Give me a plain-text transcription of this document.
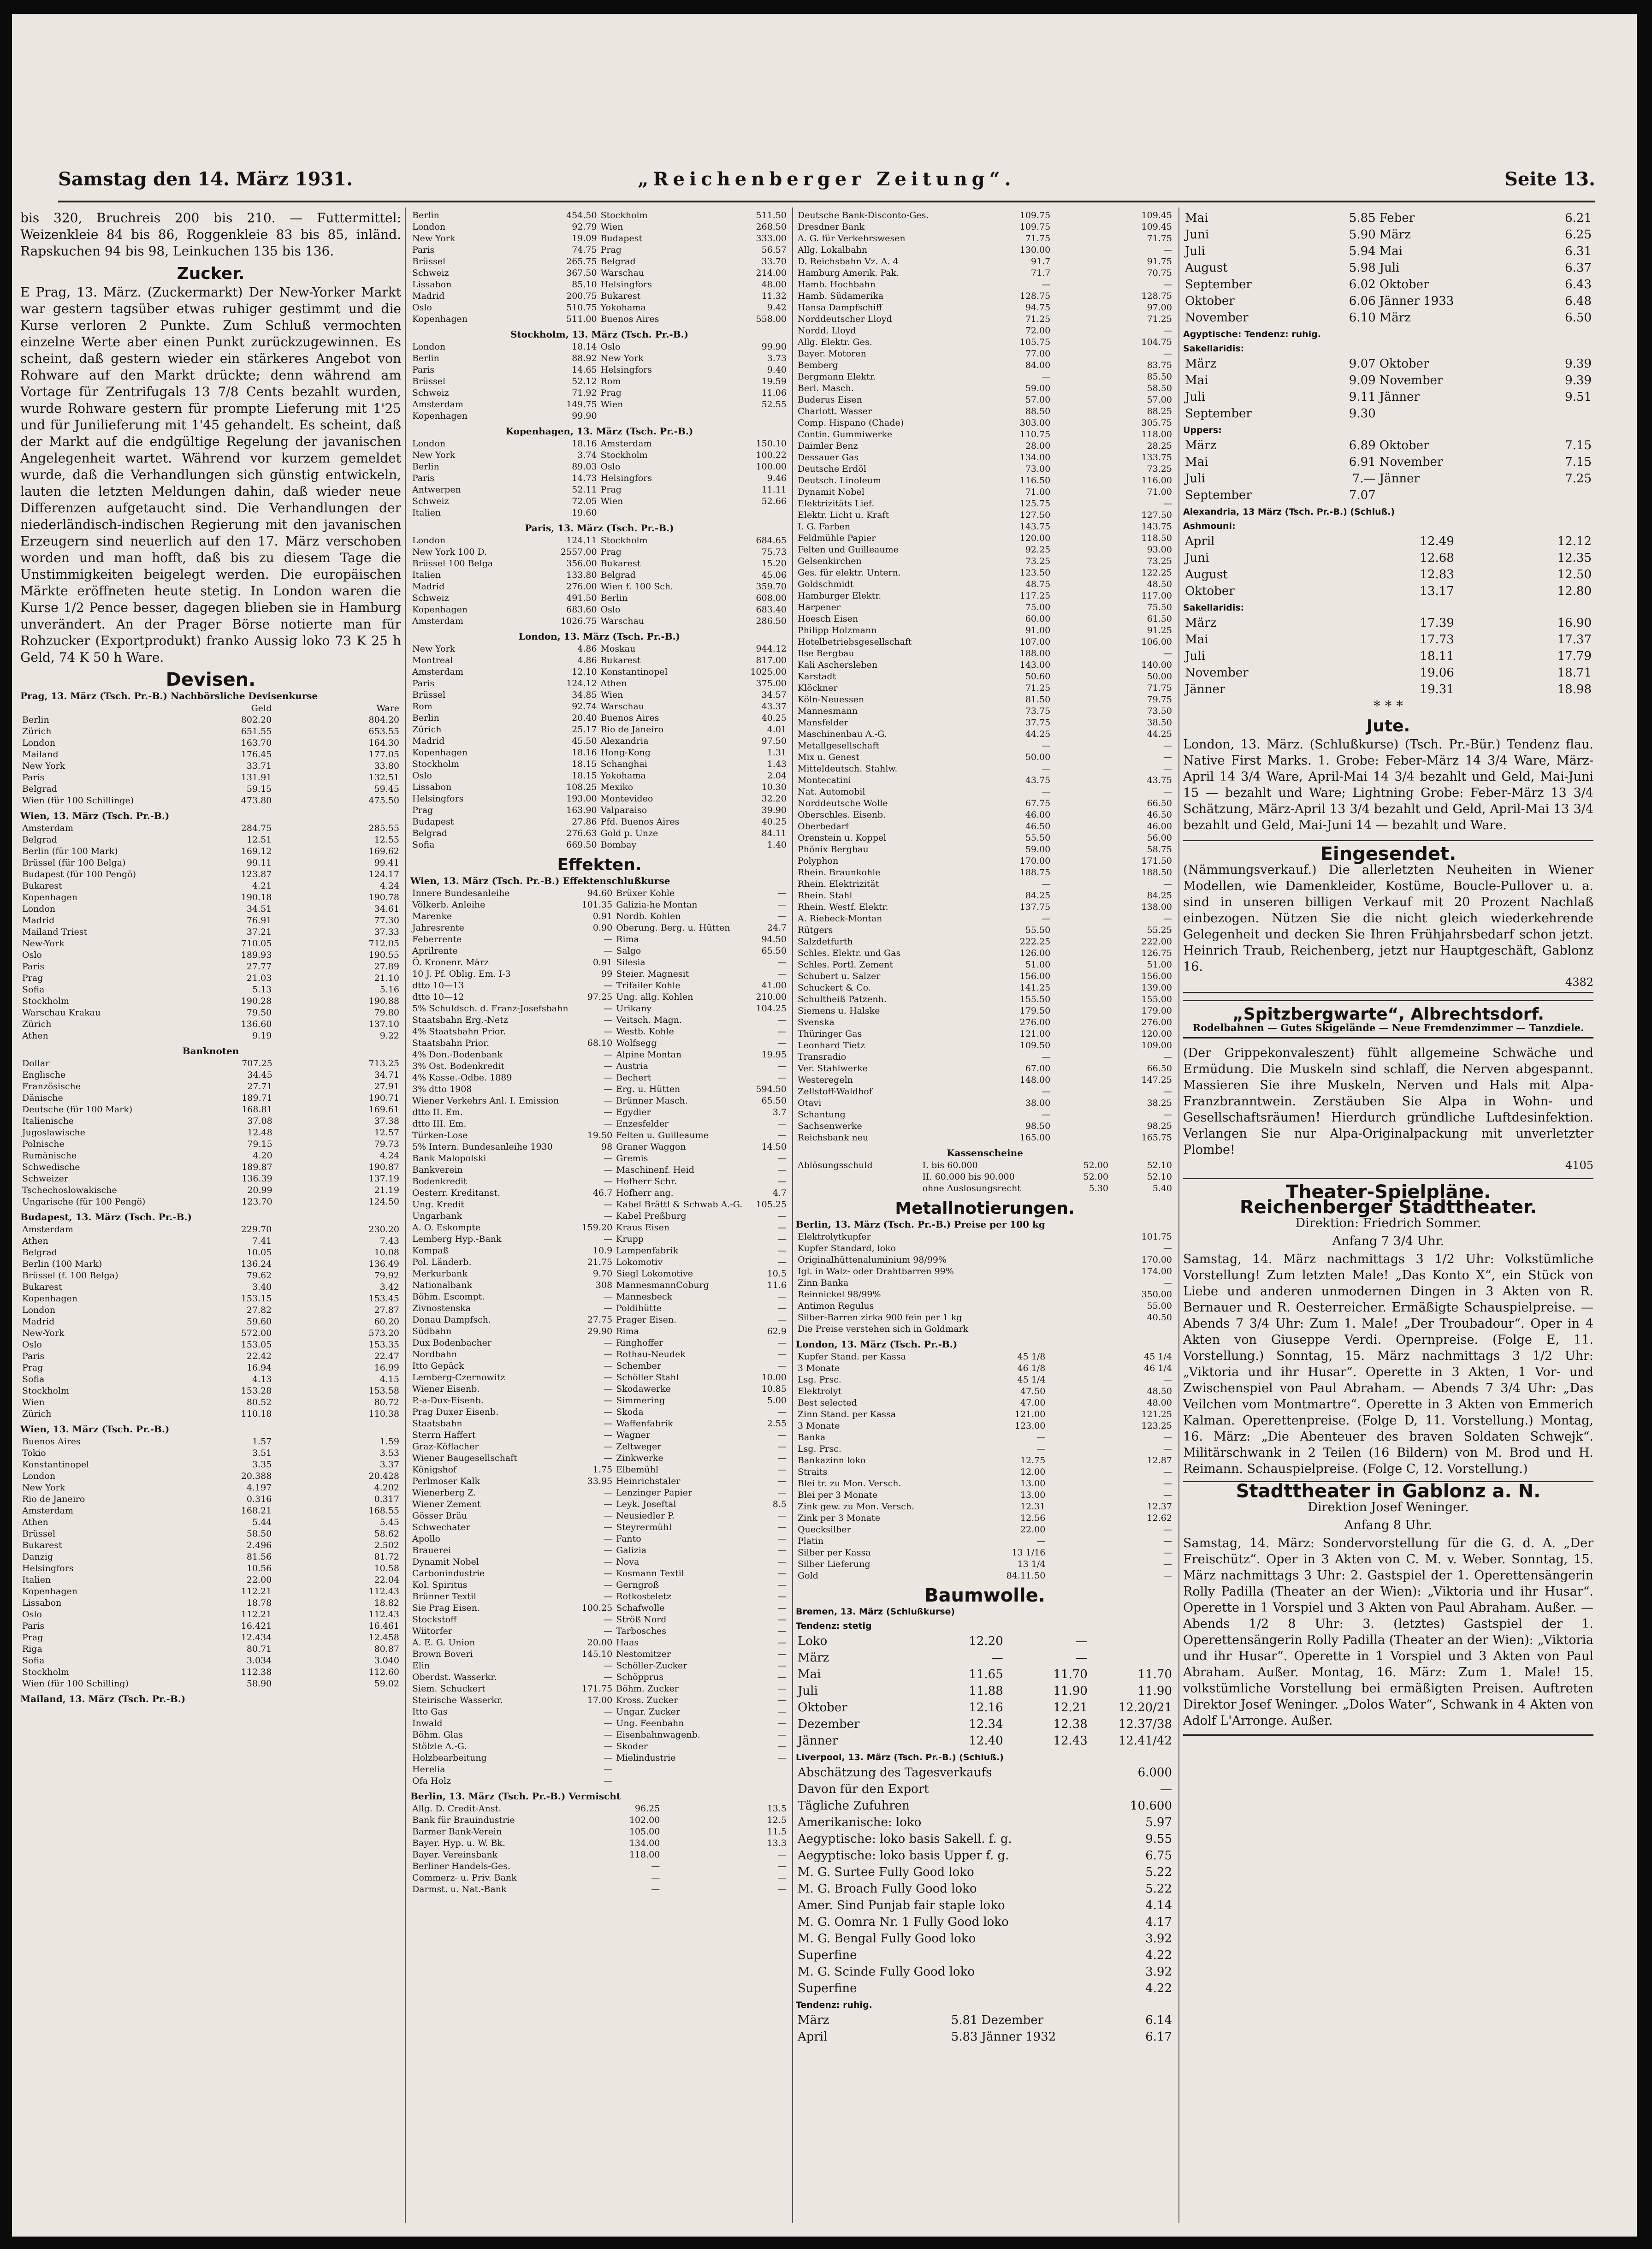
Samstag den 14. März 1931.	„Reichenberger Zeitung“.	Seite 13.

bis 320, Bruchreis 200 bis 210. — Futtermittel: Weizenkleie 84 bis 86, Roggenkleie 83 bis 85, inländ. Rapskuchen 94 bis 98, Leinkuchen 135 bis 136.

Zucker.

E Prag, 13. März. (Zuckermarkt) Der New-Yorker Markt war gestern tagsüber etwas ruhiger gestimmt und die Kurse verloren 2 Punkte. Zum Schluß vermochten einzelne Werte aber einen Punkt zurückzugewinnen. Es scheint, daß gestern wieder ein stärkeres Angebot von Rohware auf den Markt drückte; denn während am Vortage für Zentrifugals 13 7/8 Cents bezahlt wurden, wurde Rohware gestern für prompte Lieferung mit 1'25 und für Junilieferung mit 1'45 gehandelt. Es scheint, daß der Markt auf die endgültige Regelung der javanischen Angelegenheit wartet. Während vor kurzem gemeldet wurde, daß die Verhandlungen sich günstig entwickeln, lauten die letzten Meldungen dahin, daß wieder neue Differenzen aufgetaucht sind. Die Verhandlungen der niederländisch-indischen Regierung mit den javanischen Erzeugern sind neuerlich auf den 17. März verschoben worden und man hofft, daß bis zu diesem Tage die Unstimmigkeiten beigelegt werden. Die europäischen Märkte eröffneten heute stetig. In London waren die Kurse 1/2 Pence besser, dagegen blieben sie in Hamburg unverändert. An der Prager Börse notierte man für Rohzucker (Exportprodukt) franko Aussig loko 73 K 25 h Geld, 74 K 50 h Ware.

Devisen.
Prag, 13. März (Tsch. Pr.-B.) Nachbörsliche Devisenkurse
	Geld	Ware
Berlin	802.20	804.20
Zürich	651.55	653.55
London	163.70	164.30
Mailand	176.45	177.05
New York	33.71	33.80
Paris	131.91	132.51
Belgrad	59.15	59.45
Wien (für 100 Schillinge)	473.80	475.50
Wien, 13. März (Tsch. Pr.-B.)
Amsterdam	284.75	285.55
Belgrad	12.51	12.55
Berlin (für 100 Mark)	169.12	169.62
Brüssel (für 100 Belga)	99.11	99.41
Budapest (für 100 Pengö)	123.87	124.17
Bukarest	4.21	4.24
Kopenhagen	190.18	190.78
London	34.51	34.61
Madrid	76.91	77.30
Mailand Triest	37.21	37.33
New-York	710.05	712.05
Oslo	189.93	190.55
Paris	27.77	27.89
Prag	21.03	21.10
Sofia	5.13	5.16
Stockholm	190.28	190.88
Warschau Krakau	79.50	79.80
Zürich	136.60	137.10
Athen	9.19	9.22
Banknoten
Dollar	707.25	713.25
Englische	34.45	34.71
Französische	27.71	27.91
Dänische	189.71	190.71
Deutsche (für 100 Mark)	168.81	169.61
Italienische	37.08	37.38
Jugoslawische	12.48	12.57
Polnische	79.15	79.73
Rumänische	4.20	4.24
Schwedische	189.87	190.87
Schweizer	136.39	137.19
Tschechoslowakische	20.99	21.19
Ungarische (für 100 Pengö)	123.70	124.50
Budapest, 13. März (Tsch. Pr.-B.)
Amsterdam	229.70	230.20
Athen	7.41	7.43
Belgrad	10.05	10.08
Berlin (100 Mark)	136.24	136.49
Brüssel (f. 100 Belga)	79.62	79.92
Bukarest	3.40	3.42
Kopenhagen	153.15	153.45
London	27.82	27.87
Madrid	59.60	60.20
New-York	572.00	573.20
Oslo	153.05	153.35
Paris	22.42	22.47
Prag	16.94	16.99
Sofia	4.13	4.15
Stockholm	153.28	153.58
Wien	80.52	80.72
Zürich	110.18	110.38
Wien, 13. März (Tsch. Pr.-B.)
Buenos Aires	1.57	1.59
Tokio	3.51	3.53
Konstantinopel	3.35	3.37
London	20.388	20.428
New York	4.197	4.202
Rio de Janeiro	0.316	0.317
Amsterdam	168.21	168.55
Athen	5.44	5.45
Brüssel	58.50	58.62
Bukarest	2.496	2.502
Danzig	81.56	81.72
Helsingfors	10.56	10.58
Italien	22.00	22.04
Kopenhagen	112.21	112.43
Lissabon	18.78	18.82
Oslo	112.21	112.43
Paris	16.421	16.461
Prag	12.434	12.458
Riga	80.71	80.87
Sofia	3.034	3.040
Stockholm	112.38	112.60
Wien (für 100 Schilling)	58.90	59.02
Mailand, 13. März (Tsch. Pr.-B.)
Berlin	454.50	Stockholm	511.50
London	92.79	Wien	268.50
New York	19.09	Budapest	333.00
Paris	74.75	Prag	56.57
Brüssel	265.75	Belgrad	33.70
Schweiz	367.50	Warschau	214.00
Lissabon	85.10	Helsingfors	48.00
Madrid	200.75	Bukarest	11.32
Oslo	510.75	Yokohama	9.42
Kopenhagen	511.00	Buenos Aires	558.00
Stockholm, 13. März (Tsch. Pr.-B.)
London	18.14	Oslo	99.90
Berlin	88.92	New York	3.73
Paris	14.65	Helsingfors	9.40
Brüssel	52.12	Rom	19.59
Schweiz	71.92	Prag	11.06
Amsterdam	149.75	Wien	52.55
Kopenhagen	99.90		
Kopenhagen, 13. März (Tsch. Pr.-B.)
London	18.16	Amsterdam	150.10
New York	3.74	Stockholm	100.22
Berlin	89.03	Oslo	100.00
Paris	14.73	Helsingfors	9.46
Antwerpen	52.11	Prag	11.11
Schweiz	72.05	Wien	52.66
Italien	19.60		
Paris, 13. März (Tsch. Pr.-B.)
London	124.11	Stockholm	684.65
New York 100 D.	2557.00	Prag	75.73
Brüssel 100 Belga	356.00	Bukarest	15.20
Italien	133.80	Belgrad	45.06
Madrid	276.00	Wien f. 100 Sch.	359.70
Schweiz	491.50	Berlin	608.00
Kopenhagen	683.60	Oslo	683.40
Amsterdam	1026.75	Warschau	286.50
London, 13. März (Tsch. Pr.-B.)
New York	4.86	Moskau	944.12
Montreal	4.86	Bukarest	817.00
Amsterdam	12.10	Konstantinopel	1025.00
Paris	124.12	Athen	375.00
Brüssel	34.85	Wien	34.57
Rom	92.74	Warschau	43.37
Berlin	20.40	Buenos Aires	40.25
Zürich	25.17	Rio de Janeiro	4.01
Madrid	45.50	Alexandria	97.50
Kopenhagen	18.16	Hong-Kong	1.31
Stockholm	18.15	Schanghai	1.43
Oslo	18.15	Yokohama	2.04
Lissabon	108.25	Mexiko	10.30
Helsingfors	193.00	Montevideo	32.20
Prag	163.90	Valparaiso	39.90
Budapest	27.86	Pfd. Buenos Aires	40.25
Belgrad	276.63	Gold p. Unze	84.11
Sofia	669.50	Bombay	1.40
Effekten.
Wien, 13. März (Tsch. Pr.-B.) Effektenschlußkurse
Innere Bundesanleihe	94.60	Brüxer Kohle	—
Völkerb. Anleihe	101.35	Galizia-he Montan	—
Marenke	0.91	Nordb. Kohlen	—
Jahresrente	0.90	Oberung. Berg. u. Hütten	24.7
Feberrente	—	Rima	94.50
Aprilrente	—	Salgo	65.50
Ö. Kronenr. März	0.91	Silesia	—
10 J. Pf. Oblig. Em. I-3	99	Steier. Magnesit	—
dtto 10—13	—	Trifailer Kohle	41.00
dtto 10—12	97.25	Ung. allg. Kohlen	210.00
5% Schuldsch. d. Franz-Josefsbahn	—	Urikany	104.25
Staatsbahn Erg.-Netz	—	Veitsch. Magn.	—
4% Staatsbahn Prior.	—	Westb. Kohle	—
Staatsbahn Prior.	68.10	Wolfsegg	—
4% Don.-Bodenbank	—	Alpine Montan	19.95
3% Ost. Bodenkredit	—	Austria	—
4% Kasse.-Odbe. 1889	—	Bechert	—
3% dtto 1908	—	Erg. u. Hütten	594.50
Wiener Verkehrs Anl. I. Emission	—	Brünner Masch.	65.50
dtto II. Em.	—	Egydier	3.7
dtto III. Em.	—	Enzesfelder	—
Türken-Lose	19.50	Felten u. Guilleaume	—
5% Intern. Bundesanleihe 1930	98	Graner Waggon	14.50
Bank Malopolski	—	Gremis	—
Bankverein	—	Maschinenf. Heid	—
Bodenkredit	—	Hofherr Schr.	—
Oesterr. Kreditanst.	46.7	Hofherr ang.	4.7
Ung. Kredit	—	Kabel Brättl & Schwab A.-G.	105.25
Ungarbank	—	Kabel Preßburg	—
A. O. Eskompte	159.20	Kraus Eisen	—
Lemberg Hyp.-Bank	—	Krupp	—
Kompaß	10.9	Lampenfabrik	—
Pol. Länderb.	21.75	Lokomotiv	—
Merkurbank	9.70	Siegl Lokomotive	10.5
Nationalbank	308	MannesmannCoburg	11.6
Böhm. Escompt.	—	Mannesbeck	—
Zivnostenska	—	Poldihütte	—
Donau Dampfsch.	27.75	Prager Eisen.	—
Südbahn	29.90	Rima	62.9
Dux Bodenbacher	—	Ringhoffer	—
Nordbahn	—	Rothau-Neudek	—
Itto Gepäck	—	Schember	—
Lemberg-Czernowitz	—	Schöller Stahl	10.00
Wiener Eisenb.	—	Skodawerke	10.85
P.-a-Dux-Eisenb.	—	Simmering	5.00
Prag Duxer Eisenb.	—	Skoda	—
Staatsbahn	—	Waffenfabrik	2.55
Sterrn Haffert	—	Wagner	—
Graz-Köflacher	—	Zeltweger	—
Wiener Baugesellschaft	—	Zinkwerke	—
Königshof	1.75	Elbemühl	—
Perlmoser Kalk	33.95	Heinrichstaler	—
Wienerberg Z.	—	Lenzinger Papier	—
Wiener Zement	—	Leyk. Joseftal	8.5
Gösser Bräu	—	Neusiedler P.	—
Schwechater	—	Steyrermühl	—
Apollo	—	Fanto	—
Brauerei	—	Galizia	—
Dynamit Nobel	—	Nova	—
Carbonindustrie	—	Kosmann Textil	—
Kol. Spiritus	—	Gerngroß	—
Brünner Textil	—	Rotkosteletz	—
Sie Prag Eisen.	100.25	Schafwolle	—
Stockstoff	—	Ströß Nord	—
Wiitorfer	—	Tarbosches	—
A. E. G. Union	20.00	Haas	—
Brown Boveri	145.10	Nestomitzer	—
Elin	—	Schöller-Zucker	—
Oberdst. Wasserkr.	—	Schöpprus	—
Siem. Schuckert	171.75	Böhm. Zucker	—
Steirische Wasserkr.	17.00	Kross. Zucker	—
Itto Gas	—	Ungar. Zucker	—
Inwald	—	Ung. Feenbahn	—
Böhm. Glas	—	Eisenbahnwagenb.	—
Stölzle A.-G.	—	Skoder	—
Holzbearbeitung	—	Mielindustrie	—
Herelia	—		
Ofa Holz	—		
Berlin, 13. März (Tsch. Pr.-B.) Vermischt
Allg. D. Credit-Anst.	96.25	13.5
Bank für Brauindustrie	102.00	12.5
Barmer Bank-Verein	105.00	11.5
Bayer. Hyp. u. W. Bk.	134.00	13.3
Bayer. Vereinsbank	118.00	—
Berliner Handels-Ges.	—	—
Commerz- u. Priv. Bank	—	—
Darmst. u. Nat.-Bank	—	—
Deutsche Bank-Disconto-Ges.	109.75	109.45
Dresdner Bank	109.75	109.45
A. G. für Verkehrswesen	71.75	71.75
Allg. Lokalbahn	130.00	—
D. Reichsbahn Vz. A. 4	91.7	91.75
Hamburg Amerik. Pak.	71.7	70.75
Hamb. Hochbahn	—	—
Hamb. Südamerika	128.75	128.75
Hansa Dampfschiff	94.75	97.00
Norddeutscher Lloyd	71.25	71.25
Nordd. Lloyd	72.00	—
Allg. Elektr. Ges.	105.75	104.75
Bayer. Motoren	77.00	—
Bemberg	84.00	83.75
Bergmann Elektr.	—	85.50
Berl. Masch.	59.00	58.50
Buderus Eisen	57.00	57.00
Charlott. Wasser	88.50	88.25
Comp. Hispano (Chade)	303.00	305.75
Contin. Gummiwerke	110.75	118.00
Daimler Benz	28.00	28.25
Dessauer Gas	134.00	133.75
Deutsche Erdöl	73.00	73.25
Deutsch. Linoleum	116.50	116.00
Dynamit Nobel	71.00	71.00
Elektrizitäts Lief.	125.75	—
Elektr. Licht u. Kraft	127.50	127.50
I. G. Farben	143.75	143.75
Feldmühle Papier	120.00	118.50
Felten und Guilleaume	92.25	93.00
Gelsenkirchen	73.25	73.25
Ges. für elektr. Untern.	123.50	122.25
Goldschmidt	48.75	48.50
Hamburger Elektr.	117.25	117.00
Harpener	75.00	75.50
Hoesch Eisen	60.00	61.50
Philipp Holzmann	91.00	91.25
Hotelbetriebsgesellschaft	107.00	106.00
Ilse Bergbau	188.00	—
Kali Aschersleben	143.00	140.00
Karstadt	50.60	50.00
Klöckner	71.25	71.75
Köln-Neuessen	81.50	79.75
Mannesmann	73.75	73.50
Mansfelder	37.75	38.50
Maschinenbau A.-G.	44.25	44.25
Metallgesellschaft	—	—
Mix u. Genest	50.00	—
Mitteldeutsch. Stahlw.	—	—
Montecatini	43.75	43.75
Nat. Automobil	—	—
Norddeutsche Wolle	67.75	66.50
Oberschles. Eisenb.	46.00	46.50
Oberbedarf	46.50	46.00
Orenstein u. Koppel	55.50	56.00
Phönix Bergbau	59.00	58.75
Polyphon	170.00	171.50
Rhein. Braunkohle	188.75	188.50
Rhein. Elektrizität	—	—
Rhein. Stahl	84.25	84.25
Rhein. Westf. Elektr.	137.75	138.00
A. Riebeck-Montan	—	—
Rütgers	55.50	55.25
Salzdetfurth	222.25	222.00
Schles. Elektr. und Gas	126.00	126.75
Schles. Portl. Zement	51.00	51.00
Schubert u. Salzer	156.00	156.00
Schuckert & Co.	141.25	139.00
Schultheiß Patzenh.	155.50	155.00
Siemens u. Halske	179.50	179.00
Svenska	276.00	276.00
Thüringer Gas	121.00	120.00
Leonhard Tietz	109.50	109.00
Transradio	—	—
Ver. Stahlwerke	67.00	66.50
Westeregeln	148.00	147.25
Zellstoff-Waldhof	—	—
Otavi	38.00	38.25
Schantung	—	—
Sachsenwerke	98.50	98.25
Reichsbank neu	165.00	165.75
Kassenscheine
Ablösungsschuld	I. bis 60.000	52.00	52.10
	II. 60.000 bis 90.000	52.00	52.10
	ohne Auslosungsrecht	5.30	5.40
Metallnotierungen.
Berlin, 13. März (Tsch. Pr.-B.) Preise per 100 kg
Elektrolytkupfer		101.75
Kupfer Standard, loko		—
Originalhüttenaluminium 98/99%		170.00
Igl. in Walz- oder Drahtbarren 99%		174.00
Zinn Banka		—
Reinnickel 98/99%		350.00
Antimon Regulus		55.00
Silber-Barren zirka 900 fein per 1 kg		40.50
Die Preise verstehen sich in Goldmark		
London, 13. März (Tsch. Pr.-B.)
Kupfer Stand. per Kassa	45 1/8	45 1/4
3 Monate	46 1/8	46 1/4
Lsg. Prsc.	45 1/4	—
Elektrolyt	47.50	48.50
Best selected	47.00	48.00
Zinn Stand. per Kassa	121.00	121.25
3 Monate	123.00	123.25
Banka	—	—
Lsg. Prsc.	—	—
Bankazinn loko	12.75	12.87
Straits	12.00	—
Blei tr. zu Mon. Versch.	13.00	—
Blei per 3 Monate	13.00	—
Zink gew. zu Mon. Versch.	12.31	12.37
Zink per 3 Monate	12.56	12.62
Quecksilber	22.00	—
Platin	—	—
Silber per Kassa	13 1/16	—
Silber Lieferung	13 1/4	—
Gold	84.11.50	—
Baumwolle.
Bremen, 13. März (Schlußkurse)
Tendenz: stetig
Loko	12.20	—	
März	—	—	
Mai	11.65	11.70	11.70
Juli	11.88	11.90	11.90
Oktober	12.16	12.21	12.20/21
Dezember	12.34	12.38	12.37/38
Jänner	12.40	12.43	12.41/42
Liverpool, 13. März (Tsch. Pr.-B.) (Schluß.)
Abschätzung des Tagesverkaufs	6.000
Davon für den Export	—
Tägliche Zufuhren	10.600
Amerikanische: loko	5.97
Aegyptische: loko basis Sakell. f. g.	9.55
Aegyptische: loko basis Upper f. g.	6.75
M. G. Surtee Fully Good loko	5.22
M. G. Broach Fully Good loko	5.22
Amer. Sind Punjab fair staple loko	4.14
M. G. Oomra Nr. 1 Fully Good loko	4.17
M. G. Bengal Fully Good loko	3.92
Superfine	4.22
M. G. Scinde Fully Good loko	3.92
Superfine	4.22
Tendenz: ruhig.
März	5.81	Dezember	6.14
April	5.83	Jänner 1932	6.17
Mai	5.85	Feber	6.21
Juni	5.90	März	6.25
Juli	5.94	Mai	6.31
August	5.98	Juli	6.37
September	6.02	Oktober	6.43
Oktober	6.06	Jänner 1933	6.48
November	6.10	März	6.50
Agyptische: Tendenz: ruhig.
Sakellaridis:
März	9.07	Oktober	9.39
Mai	9.09	November	9.39
Juli	9.11	Jänner	9.51
September	9.30		
Uppers:
März	6.89	Oktober	7.15
Mai	6.91	November	7.15
Juli	7.—	Jänner	7.25
September	7.07		
Alexandria, 13 März (Tsch. Pr.-B.) (Schluß.)
Ashmouni:
April	12.49	12.12
Juni	12.68	12.35
August	12.83	12.50
Oktober	13.17	12.80
Sakellaridis:
März	17.39	16.90
Mai	17.73	17.37
Juli	18.11	17.79
November	19.06	18.71
Jänner	19.31	18.98
* * *
Jute.

London, 13. März. (Schlußkurse) (Tsch. Pr.-Bür.) Tendenz flau. Native First Marks. 1. Grobe: Feber-März 14 3/4 Ware, März-April 14 3/4 Ware, April-Mai 14 3/4 bezahlt und Geld, Mai-Juni 15 — bezahlt und Ware; Lightning Grobe: Feber-März 13 3/4 Schätzung, März-April 13 3/4 bezahlt und Geld, April-Mai 13 3/4 bezahlt und Geld, Mai-Juni 14 — bezahlt und Ware.

Eingesendet.

(Nämmungsverkauf.) Die allerletzten Neuheiten in Wiener Modellen, wie Damenkleider, Kostüme, Boucle-Pullover u. a. sind in unseren billigen Verkauf mit 20 Prozent Nachlaß einbezogen. Nützen Sie die nicht gleich wiederkehrende Gelegenheit und decken Sie Ihren Frühjahrsbedarf schon jetzt. Heinrich Traub, Reichenberg, jetzt nur Hauptgeschäft, Gablonz 16.

4382
„Spitzbergwarte“, Albrechtsdorf.
Rodelbahnen — Gutes Skigelände — Neue Fremdenzimmer — Tanzdiele.

(Der Grippekonvaleszent) fühlt allgemeine Schwäche und Ermüdung. Die Muskeln sind schlaff, die Nerven abgespannt. Massieren Sie ihre Muskeln, Nerven und Hals mit Alpa-Franzbranntwein. Zerstäuben Sie Alpa in Wohn- und Gesellschaftsräumen! Hierdurch gründliche Luftdesinfektion. Verlangen Sie nur Alpa-Originalpackung mit unverletzter Plombe!

4105
Theater-Spielpläne.
Reichenberger Stadttheater.
Direktion: Friedrich Sommer.
Anfang 7 3/4 Uhr.

Samstag, 14. März nachmittags 3 1/2 Uhr: Volkstümliche Vorstellung! Zum letzten Male! „Das Konto X“, ein Stück von Liebe und anderen unmodernen Dingen in 3 Akten von R. Bernauer und R. Oesterreicher. Ermäßigte Schauspielpreise. — Abends 7 3/4 Uhr: Zum 1. Male! „Der Troubadour“. Oper in 4 Akten von Giuseppe Verdi. Opernpreise. (Folge E, 11. Vorstellung.) Sonntag, 15. März nachmittags 3 1/2 Uhr: „Viktoria und ihr Husar“. Operette in 3 Akten, 1 Vor- und Zwischenspiel von Paul Abraham. — Abends 7 3/4 Uhr: „Das Veilchen vom Montmartre“. Operette in 3 Akten von Emmerich Kalman. Operettenpreise. (Folge D, 11. Vorstellung.) Montag, 16. März: „Die Abenteuer des braven Soldaten Schwejk“. Militärschwank in 2 Teilen (16 Bildern) von M. Brod und H. Reimann. Schauspielpreise. (Folge C, 12. Vorstellung.)

Stadttheater in Gablonz a. N.
Direktion Josef Weninger.
Anfang 8 Uhr.

Samstag, 14. März: Sondervorstellung für die G. d. A. „Der Freischütz“. Oper in 3 Akten von C. M. v. Weber. Sonntag, 15. März nachmittags 3 Uhr: 2. Gastspiel der 1. Operettensängerin Rolly Padilla (Theater an der Wien): „Viktoria und ihr Husar“. Operette in 1 Vorspiel und 3 Akten von Paul Abraham. Außer. — Abends 1/2 8 Uhr: 3. (letztes) Gastspiel der 1. Operettensängerin Rolly Padilla (Theater an der Wien): „Viktoria und ihr Husar“. Operette in 1 Vorspiel und 3 Akten von Paul Abraham. Außer. Montag, 16. März: Zum 1. Male! 15. volkstümliche Vorstellung bei ermäßigten Preisen. Auftreten Direktor Josef Weninger. „Dolos Water“, Schwank in 4 Akten von Adolf L'Arronge. Außer.
